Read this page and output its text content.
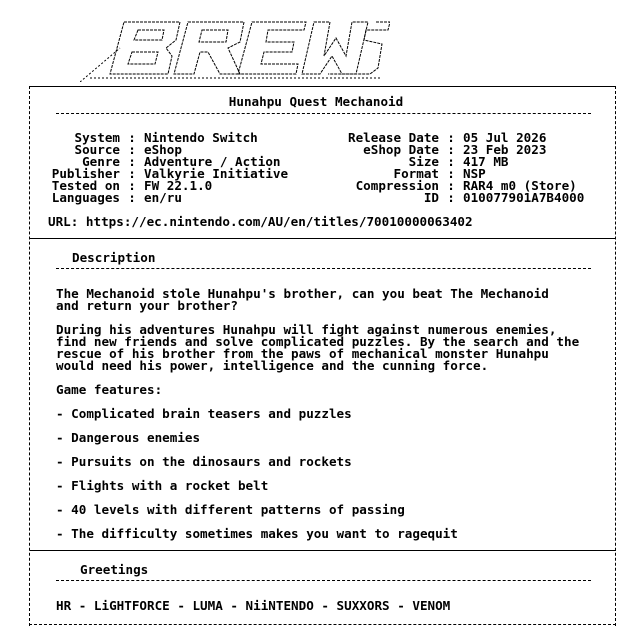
BREWS
Hunahpu Quest Mechanoid
System : Nintendo Switch
Source : eShop
Genre : Adventure / Action
Publisher : Valkyrie Initiative
Tested on : FW 22.1.0
Languages : en/ru
Release Date : 05 Jul 2026
eShop Date : 23 Feb 2023
Size : 417 MB
Format : NSP
Compression : RAR4 m0 (Store)
ID : 010077901A7B4000
URL: https://ec.nintendo.com/AU/en/titles/70010000063402
Description
The Mechanoid stole Hunahpu's brother, can you beat The Mechanoid
and return your brother?
During his adventures Hunahpu will fight against numerous enemies,
find new friends and solve complicated puzzles. By the search and the
rescue of his brother from the paws of mechanical monster Hunahpu
would need his power, intelligence and the cunning force.
Game features:
- Complicated brain teasers and puzzles
- Dangerous enemies
- Pursuits on the dinosaurs and rockets
- Flights with a rocket belt
- 40 levels with different patterns of passing
- The difficulty sometimes makes you want to ragequit
Greetings
HR - LiGHTFORCE - LUMA - NiiNTENDO - SUXXORS - VENOM
